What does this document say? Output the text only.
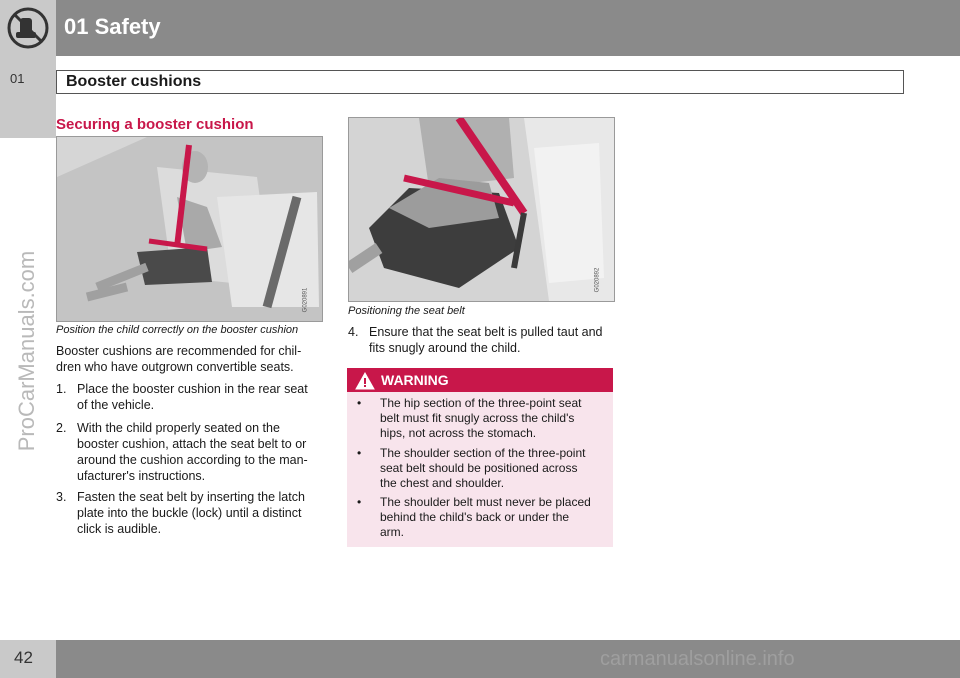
01 Safety
01	Booster cushions
ProCarManuals.com
Securing a booster cushion
G020891
Position the child correctly on the booster cushion
Booster cushions are recommended for chil-
dren who have outgrown convertible seats.
1. Place the booster cushion in the rear seat
of the vehicle.
2. With the child properly seated on the
booster cushion, attach the seat belt to or
around the cushion according to the man-
ufacturer's instructions.
3. Fasten the seat belt by inserting the latch
plate into the buckle (lock) until a distinct
click is audible.
G020892
Positioning the seat belt
4. Ensure that the seat belt is pulled taut and
fits snugly around the child.
WARNING
• The hip section of the three-point seat
belt must fit snugly across the child's
hips, not across the stomach.
• The shoulder section of the three-point
seat belt should be positioned across
the chest and shoulder.
• The shoulder belt must never be placed
behind the child's back or under the
arm.
42	carmanualsonline.info
